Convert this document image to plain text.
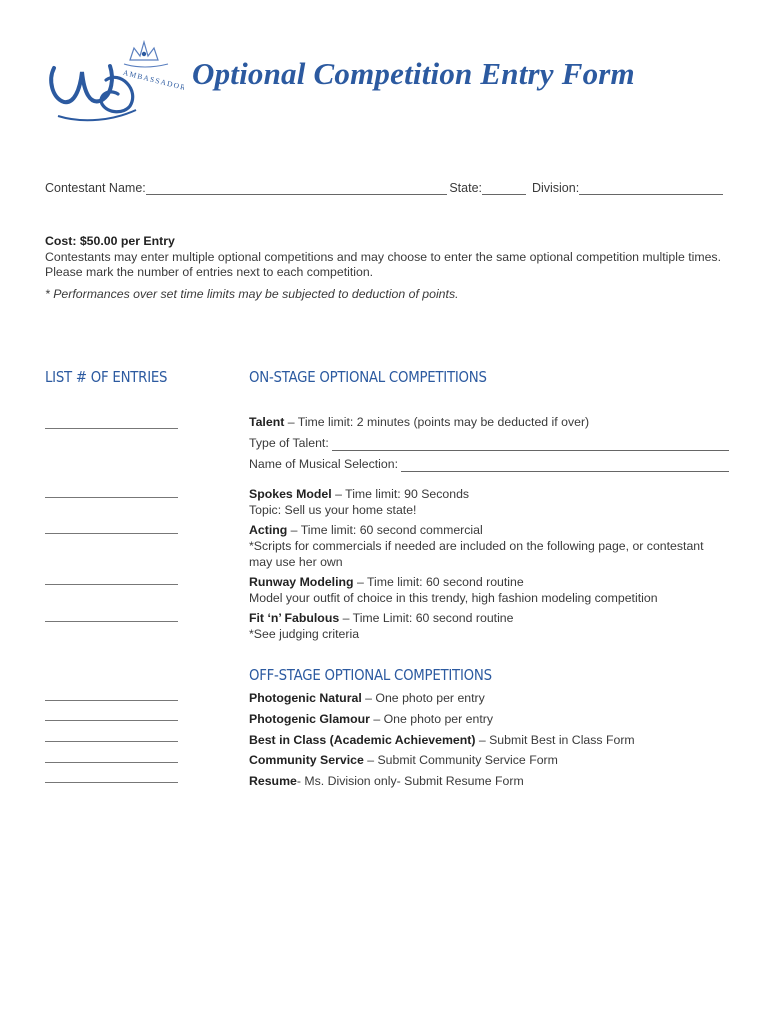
AMBASSADOR Optional Competition Entry Form
Contestant Name:	State:	Division:
Cost: $50.00 per Entry
Contestants may enter multiple optional competitions and may choose to enter the same optional competition multiple times. Please mark the number of entries next to each competition.
* Performances over set time limits may be subjected to deduction of points.
LIST # OF ENTRIES	ON-STAGE OPTIONAL COMPETITIONS
OFF-STAGE OPTIONAL COMPETITIONS
Talent – Time limit: 2 minutes (points may be deducted if over)
Type of Talent:
Name of Musical Selection:
Spokes Model – Time limit: 90 Seconds
Topic: Sell us your home state!
Acting – Time limit: 60 second commercial
*Scripts for commercials if needed are included on the following page, or contestant may use her own
Runway Modeling – Time limit: 60 second routine
Model your outfit of choice in this trendy, high fashion modeling competition
Fit ‘n’ Fabulous – Time Limit: 60 second routine
*See judging criteria
Photogenic Natural – One photo per entry
Photogenic Glamour – One photo per entry
Best in Class (Academic Achievement) – Submit Best in Class Form
Community Service – Submit Community Service Form
Resume- Ms. Division only- Submit Resume Form
